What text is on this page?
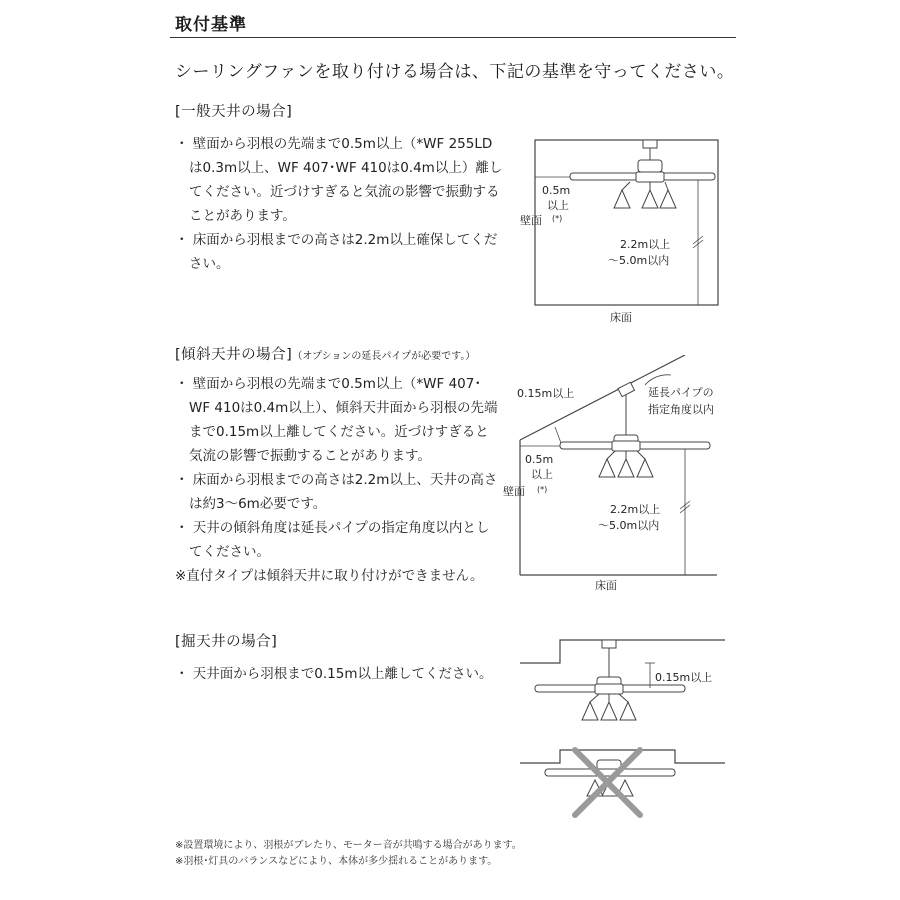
取付基準
シーリングファンを取り付ける場合は、下記の基準を守ってください。
[一般天井の場合]
・ 壁面から羽根の先端まで0.5m以上（*WF 255LDは0.3m以上、WF 407･WF 410は0.4m以上）離してください。近づけすぎると気流の影響で振動することがあります。
・ 床面から羽根までの高さは2.2m以上確保してください。
0.5m
以上
(*)
壁面
2.2m以上
～5.0m以内
床面
[傾斜天井の場合]（オプションの延長パイプが必要です。）
・ 壁面から羽根の先端まで0.5m以上（*WF 407･WF 410は0.4m以上）、傾斜天井面から羽根の先端まで0.15m以上離してください。近づけすぎると気流の影響で振動することがあります。
・ 床面から羽根までの高さは2.2m以上、天井の高さは約3～6m必要です。
・ 天井の傾斜角度は延長パイプの指定角度以内としてください。
※直付タイプは傾斜天井に取り付けができません。
0.15m以上	延長パイプの
指定角度以内
0.5m
以上
(*)
壁面
2.2m以上
～5.0m以内
床面
[掘天井の場合]
・ 天井面から羽根まで0.15m以上離してください。	0.15m以上

※設置環境により、羽根がブレたり、モーター音が共鳴する場合があります。

※羽根･灯具のバランスなどにより、本体が多少揺れることがあります。
